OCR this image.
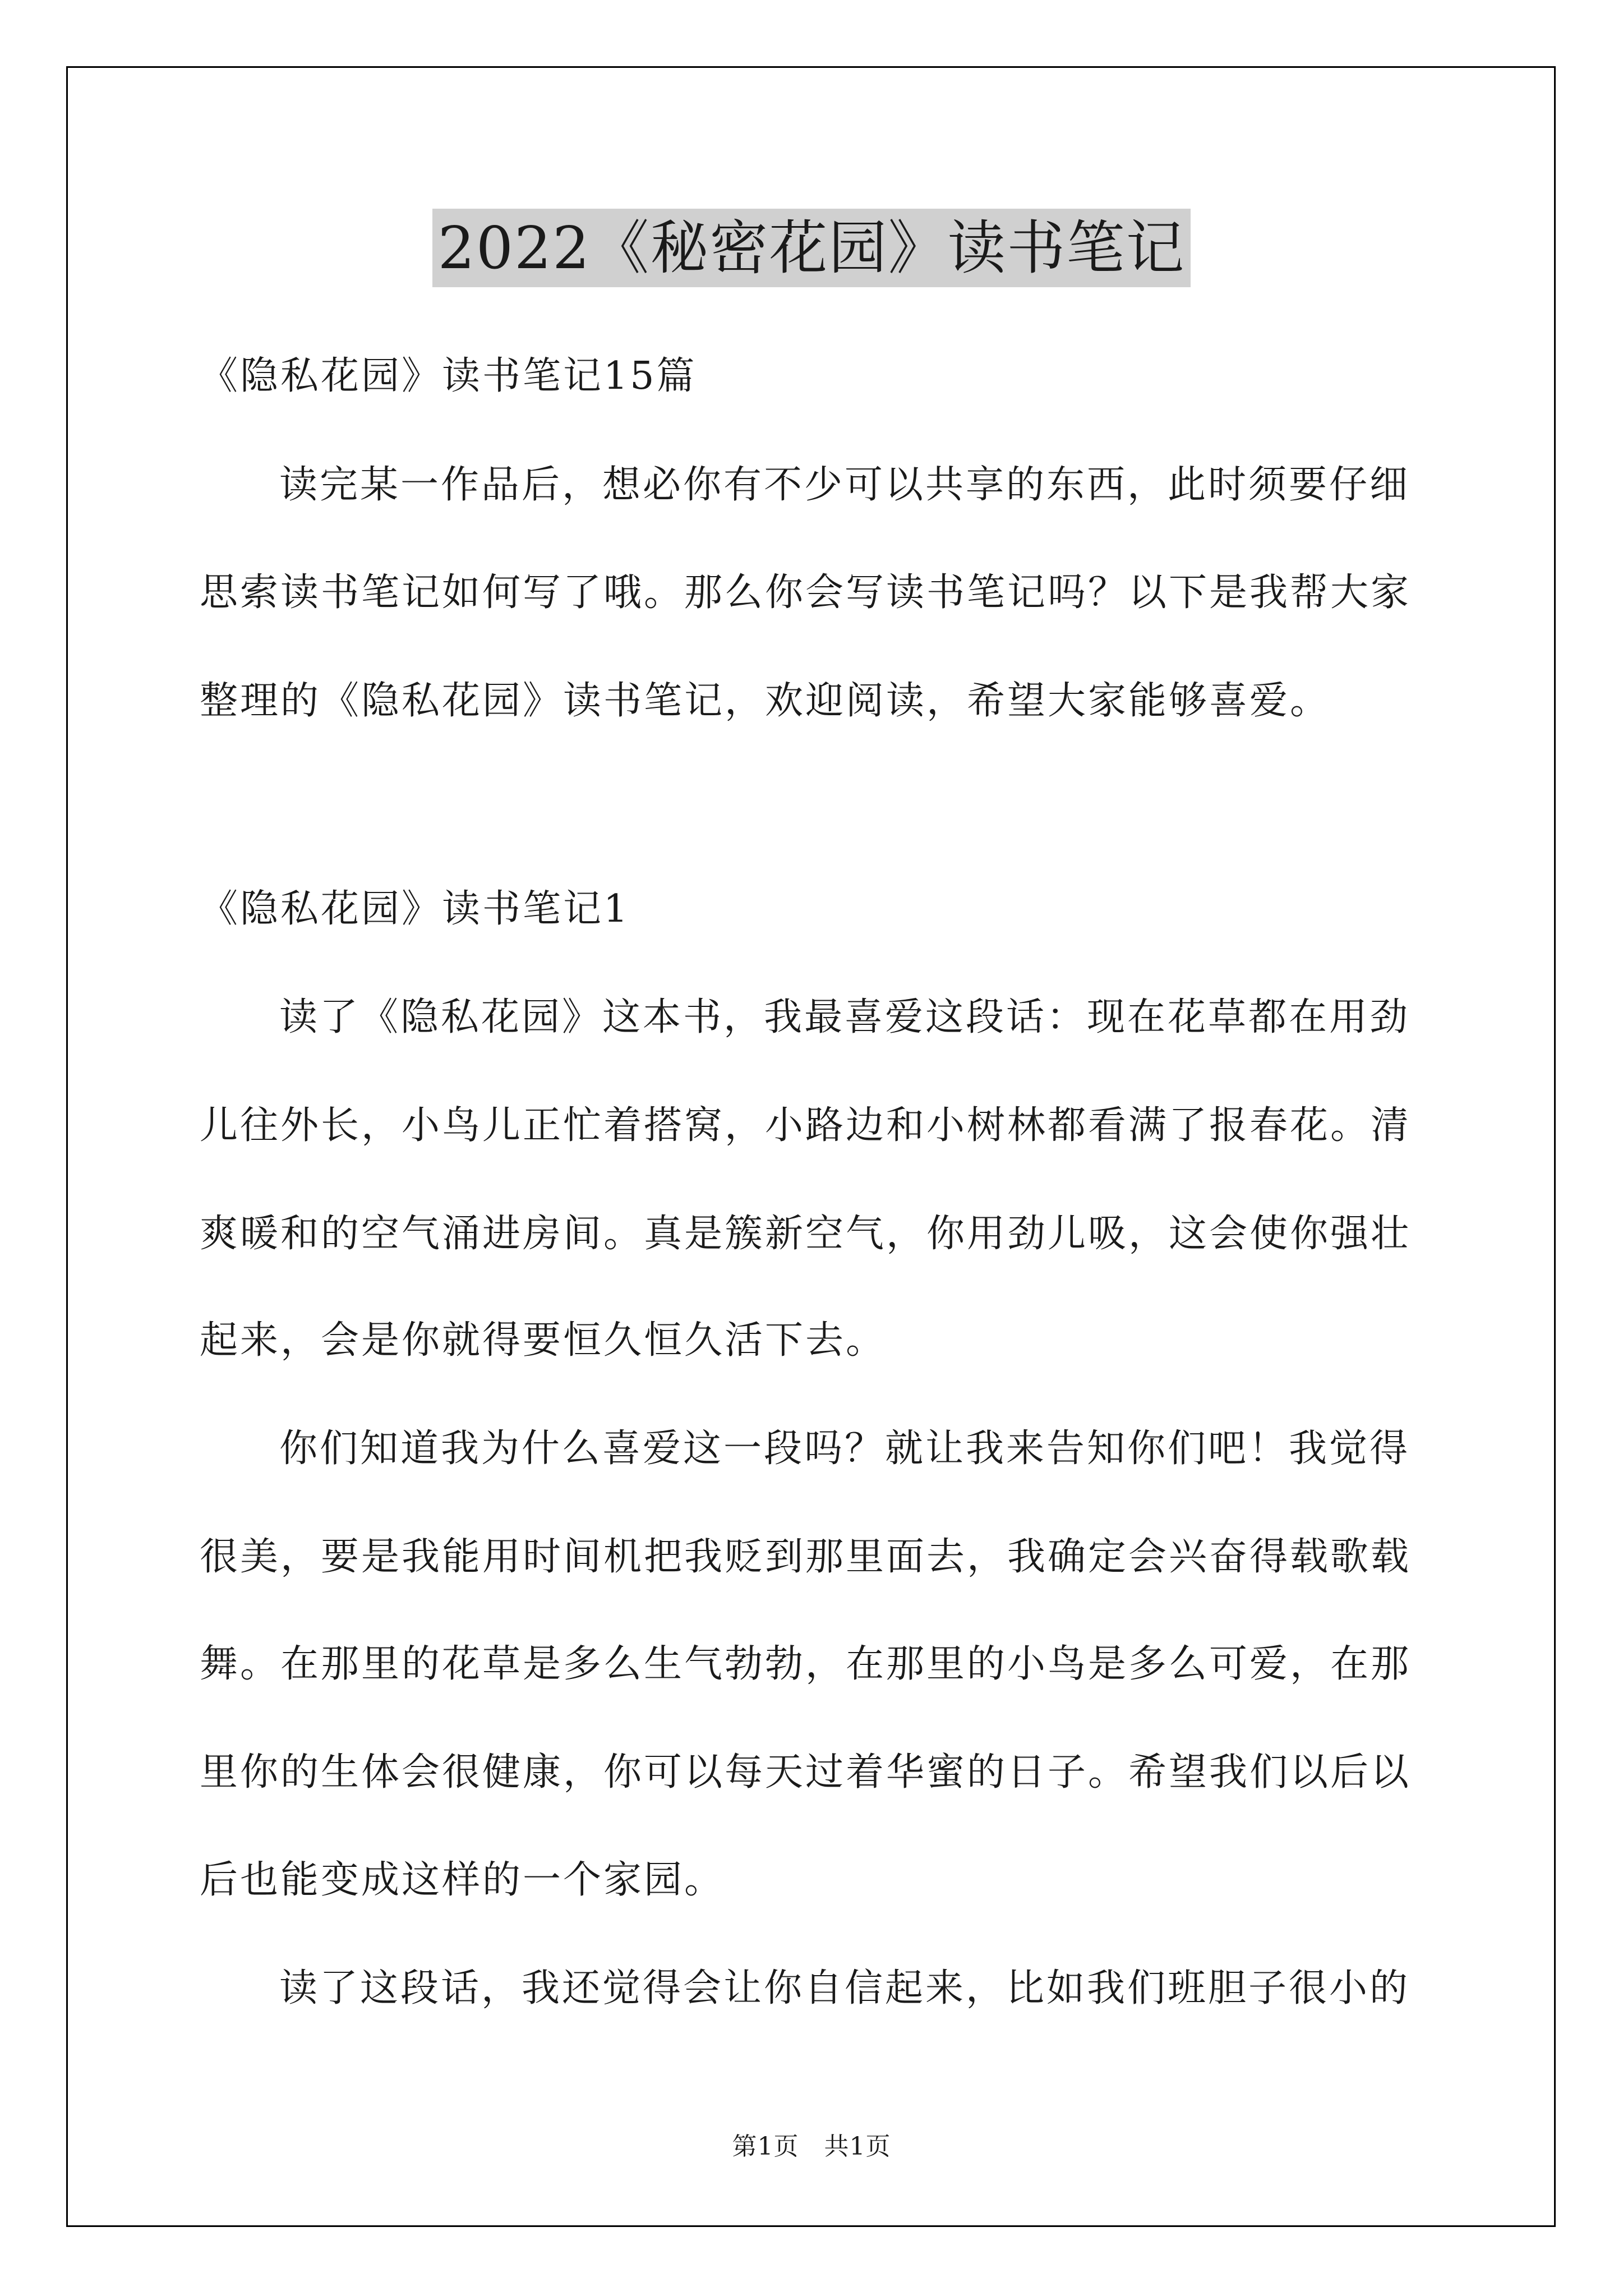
2022《秘密花园》读书笔记
《隐私花园》读书笔记15篇
读完某一作品后，想必你有不少可以共享的东西，此时须要仔细
思索读书笔记如何写了哦。那么你会写读书笔记吗？以下是我帮大家
整理的《隐私花园》读书笔记，欢迎阅读，希望大家能够喜爱。
《隐私花园》读书笔记1
读了《隐私花园》这本书，我最喜爱这段话：现在花草都在用劲
儿往外长，小鸟儿正忙着搭窝，小路边和小树林都看满了报春花。清
爽暖和的空气涌进房间。真是簇新空气，你用劲儿吸，这会使你强壮
起来，会是你就得要恒久恒久活下去。
你们知道我为什么喜爱这一段吗？就让我来告知你们吧！我觉得
很美，要是我能用时间机把我贬到那里面去，我确定会兴奋得载歌载
舞。在那里的花草是多么生气勃勃，在那里的小鸟是多么可爱，在那
里你的生体会很健康，你可以每天过着华蜜的日子。希望我们以后以
后也能变成这样的一个家园。
读了这段话，我还觉得会让你自信起来，比如我们班胆子很小的
第1页　共1页
